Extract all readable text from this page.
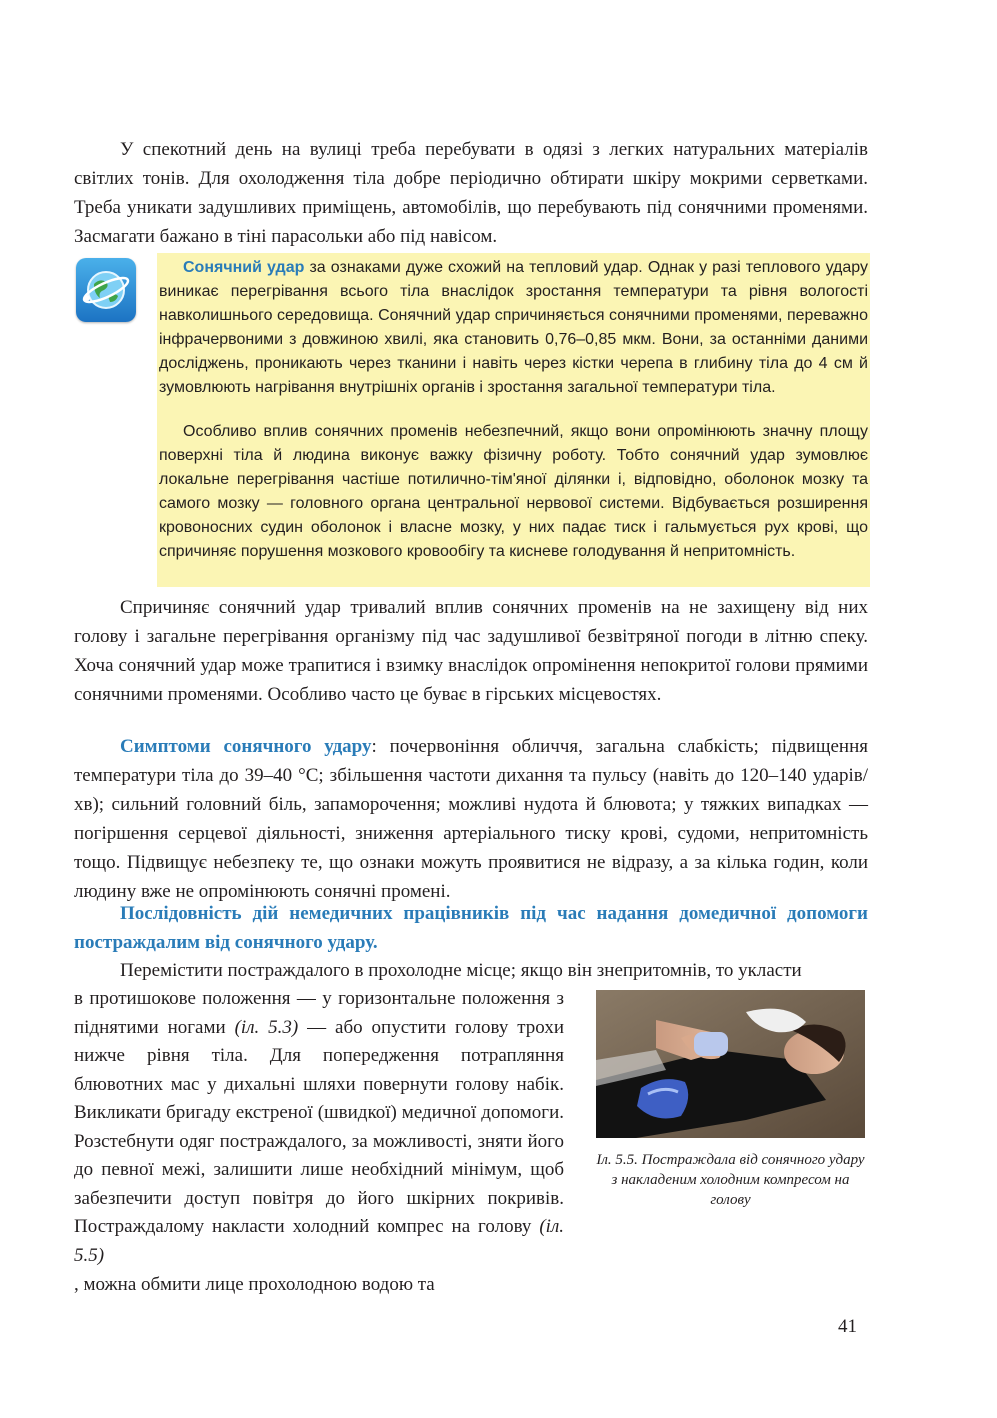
У спекотний день на вулиці треба перебувати в одязі з легких натуральних матеріалів світлих тонів. Для охолодження тіла добре періодично обтирати шкіру мокрими серветками. Треба уникати задушливих приміщень, автомобілів, що перебувають під сонячними променями. Засмагати бажано в тіні парасольки або під навісом.

Сонячний удар за ознаками дуже схожий на тепловий удар. Однак у разі теплового удару виникає перегрівання всього тіла внаслідок зростання температури та рівня вологості навколишнього середовища. Сонячний удар спричиняється сонячними променями, переважно інфрачервоними з довжиною хвилі, яка становить 0,76–0,85 мкм. Вони, за останніми даними досліджень, проникають через тканини і навіть через кістки черепа в глибину тіла до 4 см й зумовлюють нагрівання внутрішніх органів і зростання загальної температури тіла.

Особливо вплив сонячних променів небезпечний, якщо вони опромінюють значну площу поверхні тіла й людина виконує важку фізичну роботу. Тобто сонячний удар зумовлює локальне перегрівання частіше потилично-тім'яної ділянки і, відповідно, оболонок мозку та самого мозку — головного органа центральної нервової системи. Відбувається розширення кровоносних судин оболонок і власне мозку, у них падає тиск і гальмується рух крові, що спричиняє порушення мозкового кровообігу та кисневе голодування й непритомність.

Спричиняє сонячний удар тривалий вплив сонячних променів на не захищену від них голову і загальне перегрівання організму під час задушливої безвітряної погоди в літню спеку. Хоча сонячний удар може трапитися і взимку внаслідок опромінення непокритої голови прямими сонячними променями. Особливо часто це буває в гірських місцевостях.

Симптоми сонячного удару: почервоніння обличчя, загальна слабкість; підвищення температури тіла до 39–40 °С; збільшення частоти дихання та пульсу (навіть до 120–140 ударів/хв); сильний головний біль, запаморочення; можливі нудота й блювота; у тяжких випадках — погіршення серцевої діяльності, зниження артеріального тиску крові, судоми, непритомність тощо. Підвищує небезпеку те, що ознаки можуть проявитися не відразу, а за кілька годин, коли людину вже не опромінюють сонячні промені.

Послідовність дій немедичних працівників під час надання домедичної допомоги постраждалим від сонячного удару.

Перемістити постраждалого в прохолодне місце; якщо він знепритомнів, то укласти

в протишокове положення — у горизонтальне положення з піднятими ногами (іл. 5.3) — або опустити голову трохи нижче рівня тіла. Для попередження потрапляння блювотних мас у дихальні шляхи повернути голову набік. Викликати бригаду екстреної (швидкої) медичної допомоги. Розстебнути одяг постраждалого, за можливості, зняти його до певної межі, залишити лише необхідний мінімум, щоб забезпечити доступ повітря до його шкірних покривів. Постраждалому накласти холодний компрес на голову (іл. 5.5)

Іл. 5.5. Постраждала від сонячного удару з накладеним холодним компресом на голову

, можна обмити лице прохолодною водою та

41
